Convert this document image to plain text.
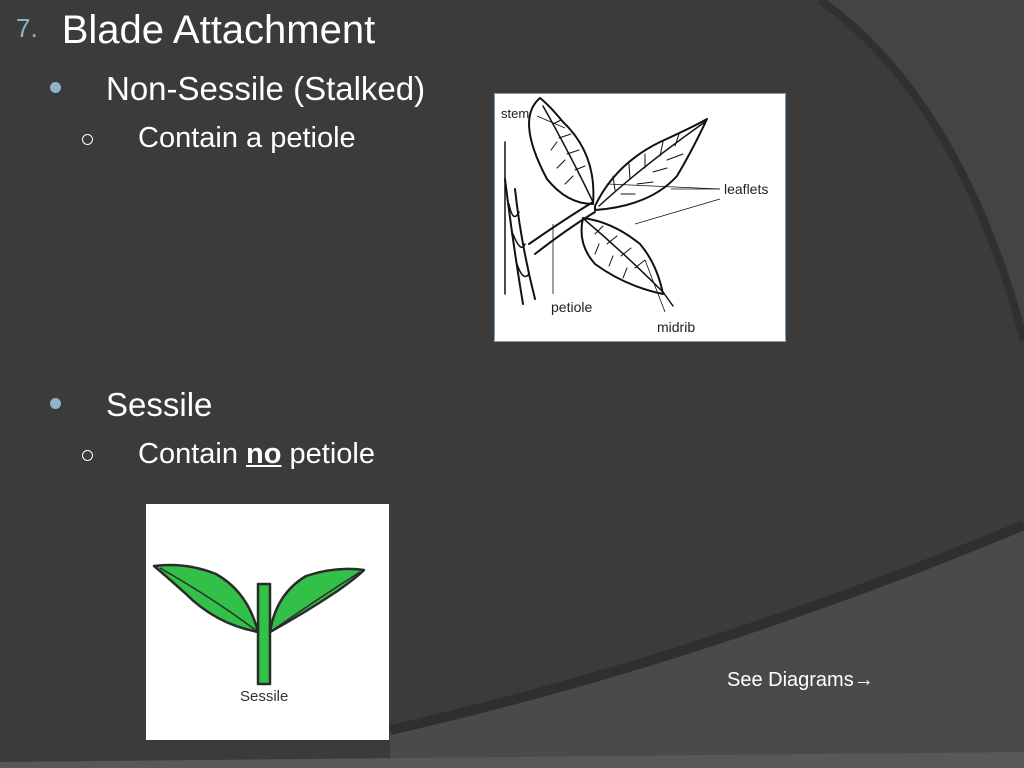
7. Blade Attachment
Non-Sessile (Stalked)
Contain a petiole
Sessile
Contain no petiole
stem
leaflets
petiole
midrib
Sessile
See Diagrams→
